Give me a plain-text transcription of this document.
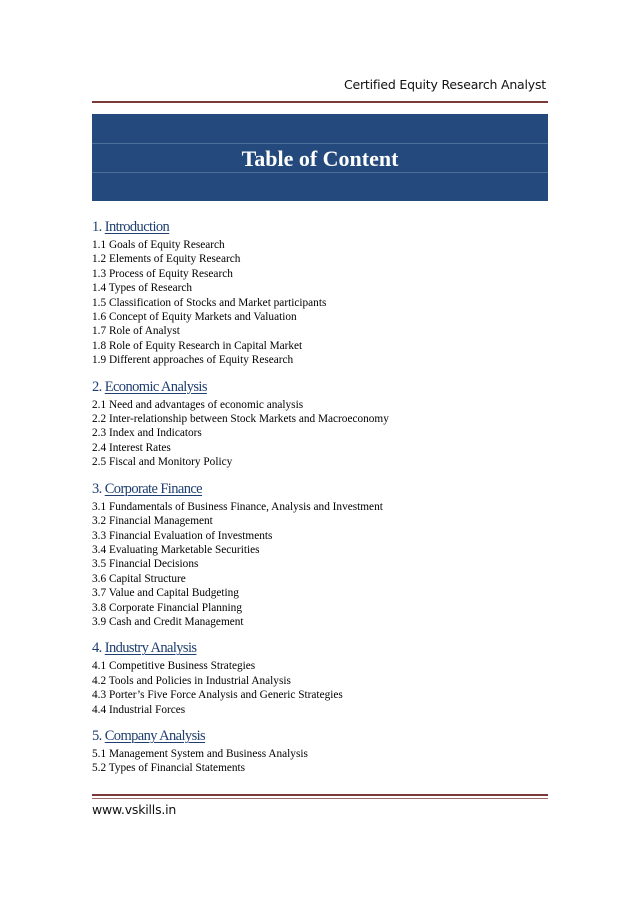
Certified Equity Research Analyst
Table of Content
1. Introduction
1.1 Goals of Equity Research
1.2 Elements of Equity Research
1.3 Process of Equity Research
1.4 Types of Research
1.5 Classification of Stocks and Market participants
1.6 Concept of Equity Markets and Valuation
1.7 Role of Analyst
1.8 Role of Equity Research in Capital Market
1.9 Different approaches of Equity Research
2. Economic Analysis
2.1 Need and advantages of economic analysis
2.2 Inter-relationship between Stock Markets and Macroeconomy
2.3 Index and Indicators
2.4 Interest Rates
2.5 Fiscal and Monitory Policy
3. Corporate Finance
3.1 Fundamentals of Business Finance, Analysis and Investment
3.2 Financial Management
3.3 Financial Evaluation of Investments
3.4 Evaluating Marketable Securities
3.5 Financial Decisions
3.6 Capital Structure
3.7 Value and Capital Budgeting
3.8 Corporate Financial Planning
3.9 Cash and Credit Management
4. Industry Analysis
4.1 Competitive Business Strategies
4.2 Tools and Policies in Industrial Analysis
4.3 Porter’s Five Force Analysis and Generic Strategies
4.4 Industrial Forces
5. Company Analysis
5.1 Management System and Business Analysis
5.2 Types of Financial Statements
www.vskills.in
